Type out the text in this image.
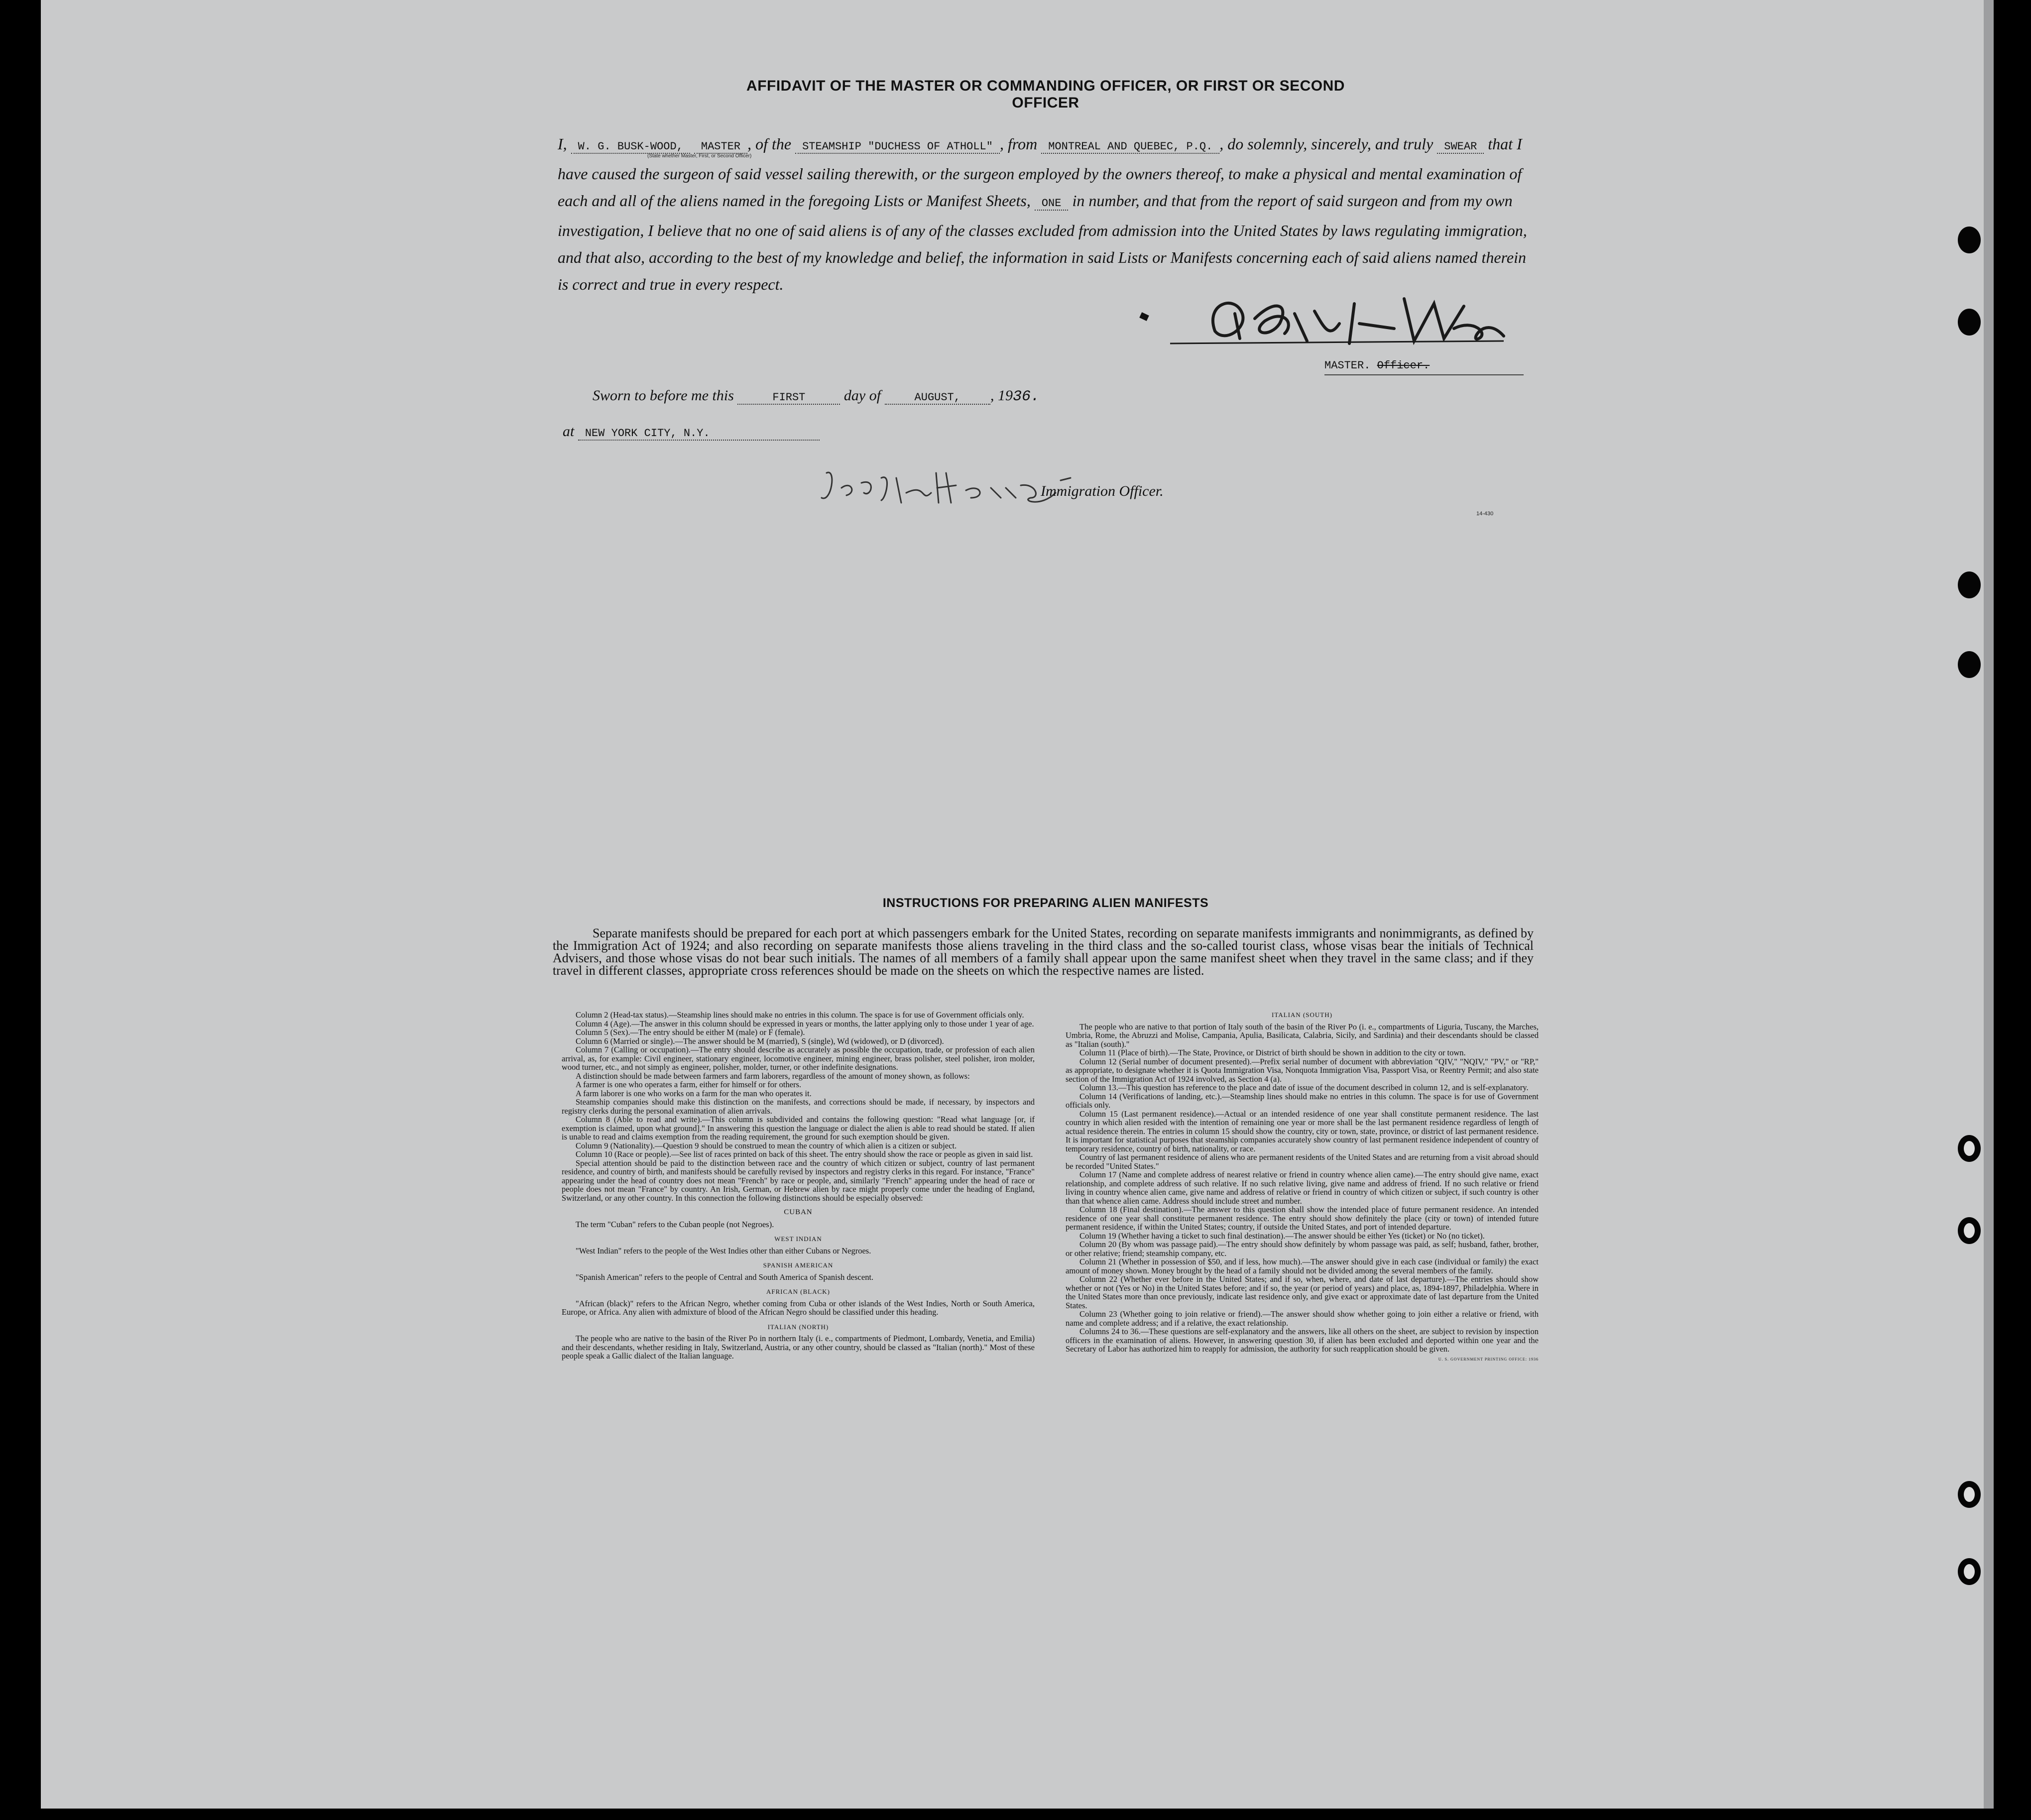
AFFIDAVIT OF THE MASTER OR COMMANDING OFFICER, OR FIRST OR SECOND OFFICER
I, W. G. BUSK-WOOD, MASTER , of the STEAMSHIP "DUCHESS OF ATHOLL" , from MONTREAL AND QUEBEC, P.Q. , do solemnly, sincerely, and truly SWEAR that I have caused the surgeon of said vessel sailing therewith, or the surgeon employed by the owners thereof, to make a physical and mental examination of each and all of the aliens named in the foregoing Lists or Manifest Sheets, ONE in number, and that from the report of said surgeon and from my own investigation, I believe that no one of said aliens is of any of the classes excluded from admission into the United States by laws regulating immigration, and that also, according to the best of my knowledge and belief, the information in said Lists or Manifests concerning each of said aliens named therein is correct and true in every respect.
(State whether Master, First, or Second Officer)
MASTER. Officer.
Sworn to before me this	FIRST	day of	AUGUST, , 1936.
at NEW YORK CITY, N.Y.
Immigration Officer.
14-430
INSTRUCTIONS FOR PREPARING ALIEN MANIFESTS

Separate manifests should be prepared for each port at which passengers embark for the United States, recording on separate manifests immigrants and nonimmigrants, as defined by the Immigration Act of 1924; and also recording on separate manifests those aliens traveling in the third class and the so-called tourist class, whose visas bear the initials of Technical Advisers, and those whose visas do not bear such initials. The names of all members of a family shall appear upon the same manifest sheet when they travel in the same class; and if they travel in different classes, appropriate cross references should be made on the sheets on which the respective names are listed.

Column 2 (Head-tax status).—Steamship lines should make no entries in this column. The space is for use of Government officials only.

Column 4 (Age).—The answer in this column should be expressed in years or months, the latter applying only to those under 1 year of age.

Column 5 (Sex).—The entry should be either M (male) or F (female).

Column 6 (Married or single).—The answer should be M (married), S (single), Wd (widowed), or D (divorced).

Column 7 (Calling or occupation).—The entry should describe as accurately as possible the occupation, trade, or profession of each alien arrival, as, for example: Civil engineer, stationary engineer, locomotive engineer, mining engineer, brass polisher, steel polisher, iron molder, wood turner, etc., and not simply as engineer, polisher, molder, turner, or other indefinite designations.

A distinction should be made between farmers and farm laborers, regardless of the amount of money shown, as follows:

A farmer is one who operates a farm, either for himself or for others.

A farm laborer is one who works on a farm for the man who operates it.

Steamship companies should make this distinction on the manifests, and corrections should be made, if necessary, by inspectors and registry clerks during the personal examination of alien arrivals.

Column 8 (Able to read and write).—This column is subdivided and contains the following question: "Read what language [or, if exemption is claimed, upon what ground]." In answering this question the language or dialect the alien is able to read should be stated. If alien is unable to read and claims exemption from the reading requirement, the ground for such exemption should be given.

Column 9 (Nationality).—Question 9 should be construed to mean the country of which alien is a citizen or subject.

Column 10 (Race or people).—See list of races printed on back of this sheet. The entry should show the race or people as given in said list.

Special attention should be paid to the distinction between race and the country of which citizen or subject, country of last permanent residence, and country of birth, and manifests should be carefully revised by inspectors and registry clerks in this regard. For instance, "France" appearing under the head of country does not mean "French" by race or people, and, similarly "French" appearing under the head of race or people does not mean "France" by country. An Irish, German, or Hebrew alien by race might properly come under the heading of England, Switzerland, or any other country. In this connection the following distinctions should be especially observed:

CUBAN

The term "Cuban" refers to the Cuban people (not Negroes).

WEST INDIAN

"West Indian" refers to the people of the West Indies other than either Cubans or Negroes.

SPANISH AMERICAN

"Spanish American" refers to the people of Central and South America of Spanish descent.

AFRICAN (BLACK)

"African (black)" refers to the African Negro, whether coming from Cuba or other islands of the West Indies, North or South America, Europe, or Africa. Any alien with admixture of blood of the African Negro should be classified under this heading.

ITALIAN (NORTH)

The people who are native to the basin of the River Po in northern Italy (i. e., compartments of Piedmont, Lombardy, Venetia, and Emilia) and their descendants, whether residing in Italy, Switzerland, Austria, or any other country, should be classed as "Italian (north)." Most of these people speak a Gallic dialect of the Italian language.

ITALIAN (SOUTH)

The people who are native to that portion of Italy south of the basin of the River Po (i. e., compartments of Liguria, Tuscany, the Marches, Umbria, Rome, the Abruzzi and Molise, Campania, Apulia, Basilicata, Calabria, Sicily, and Sardinia) and their descendants should be classed as "Italian (south)."

Column 11 (Place of birth).—The State, Province, or District of birth should be shown in addition to the city or town.

Column 12 (Serial number of document presented).—Prefix serial number of document with abbreviation "QIV," "NQIV," "PV," or "RP," as appropriate, to designate whether it is Quota Immigration Visa, Nonquota Immigration Visa, Passport Visa, or Reentry Permit; and also state section of the Immigration Act of 1924 involved, as Section 4 (a).

Column 13.—This question has reference to the place and date of issue of the document described in column 12, and is self-explanatory.

Column 14 (Verifications of landing, etc.).—Steamship lines should make no entries in this column. The space is for use of Government officials only.

Column 15 (Last permanent residence).—Actual or an intended residence of one year shall constitute permanent residence. The last country in which alien resided with the intention of remaining one year or more shall be the last permanent residence regardless of length of actual residence therein. The entries in column 15 should show the country, city or town, state, province, or district of last permanent residence. It is important for statistical purposes that steamship companies accurately show country of last permanent residence independent of country of temporary residence, country of birth, nationality, or race.

Country of last permanent residence of aliens who are permanent residents of the United States and are returning from a visit abroad should be recorded "United States."

Column 17 (Name and complete address of nearest relative or friend in country whence alien came).—The entry should give name, exact relationship, and complete address of such relative. If no such relative living, give name and address of friend. If no such relative or friend living in country whence alien came, give name and address of relative or friend in country of which citizen or subject, if such country is other than that whence alien came. Address should include street and number.

Column 18 (Final destination).—The answer to this question shall show the intended place of future permanent residence. An intended residence of one year shall constitute permanent residence. The entry should show definitely the place (city or town) of intended future permanent residence, if within the United States; country, if outside the United States, and port of intended departure.

Column 19 (Whether having a ticket to such final destination).—The answer should be either Yes (ticket) or No (no ticket).

Column 20 (By whom was passage paid).—The entry should show definitely by whom passage was paid, as self; husband, father, brother, or other relative; friend; steamship company, etc.

Column 21 (Whether in possession of $50, and if less, how much).—The answer should give in each case (individual or family) the exact amount of money shown. Money brought by the head of a family should not be divided among the several members of the family.

Column 22 (Whether ever before in the United States; and if so, when, where, and date of last departure).—The entries should show whether or not (Yes or No) in the United States before; and if so, the year (or period of years) and place, as, 1894-1897, Philadelphia. Where in the United States more than once previously, indicate last residence only, and give exact or approximate date of last departure from the United States.

Column 23 (Whether going to join relative or friend).—The answer should show whether going to join either a relative or friend, with name and complete address; and if a relative, the exact relationship.

Columns 24 to 36.—These questions are self-explanatory and the answers, like all others on the sheet, are subject to revision by inspection officers in the examination of aliens. However, in answering question 30, if alien has been excluded and deported within one year and the Secretary of Labor has authorized him to reapply for admission, the authority for such reapplication should be given.

U. S. GOVERNMENT PRINTING OFFICE: 1936
